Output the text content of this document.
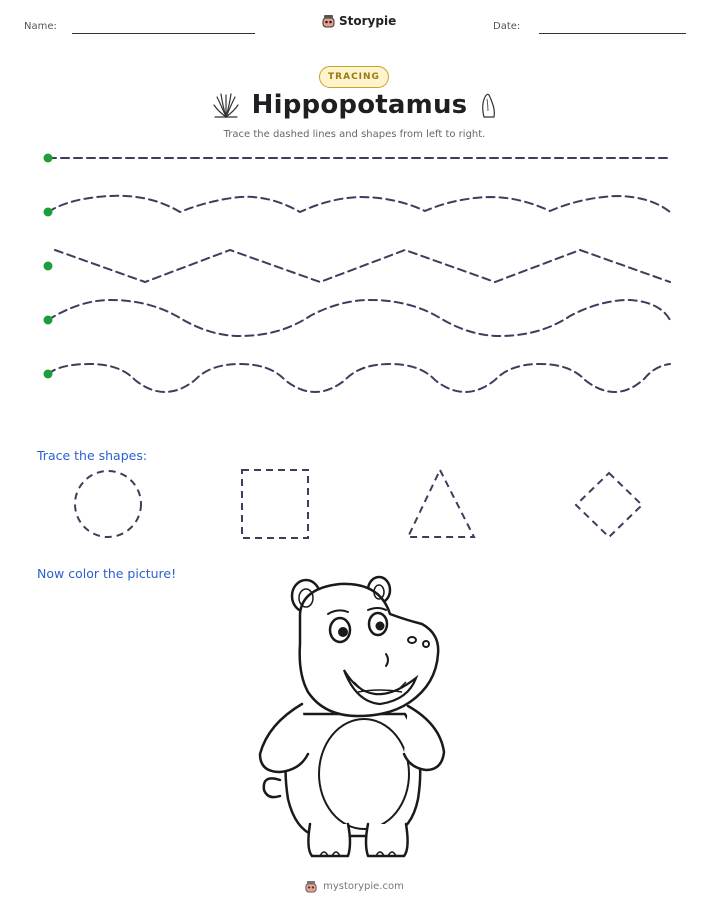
Name:	Storypie	Date:
TRACING
Hippopotamus
Trace the dashed lines and shapes from left to right.
Trace the shapes:
Now color the picture!
mystorypie.com
